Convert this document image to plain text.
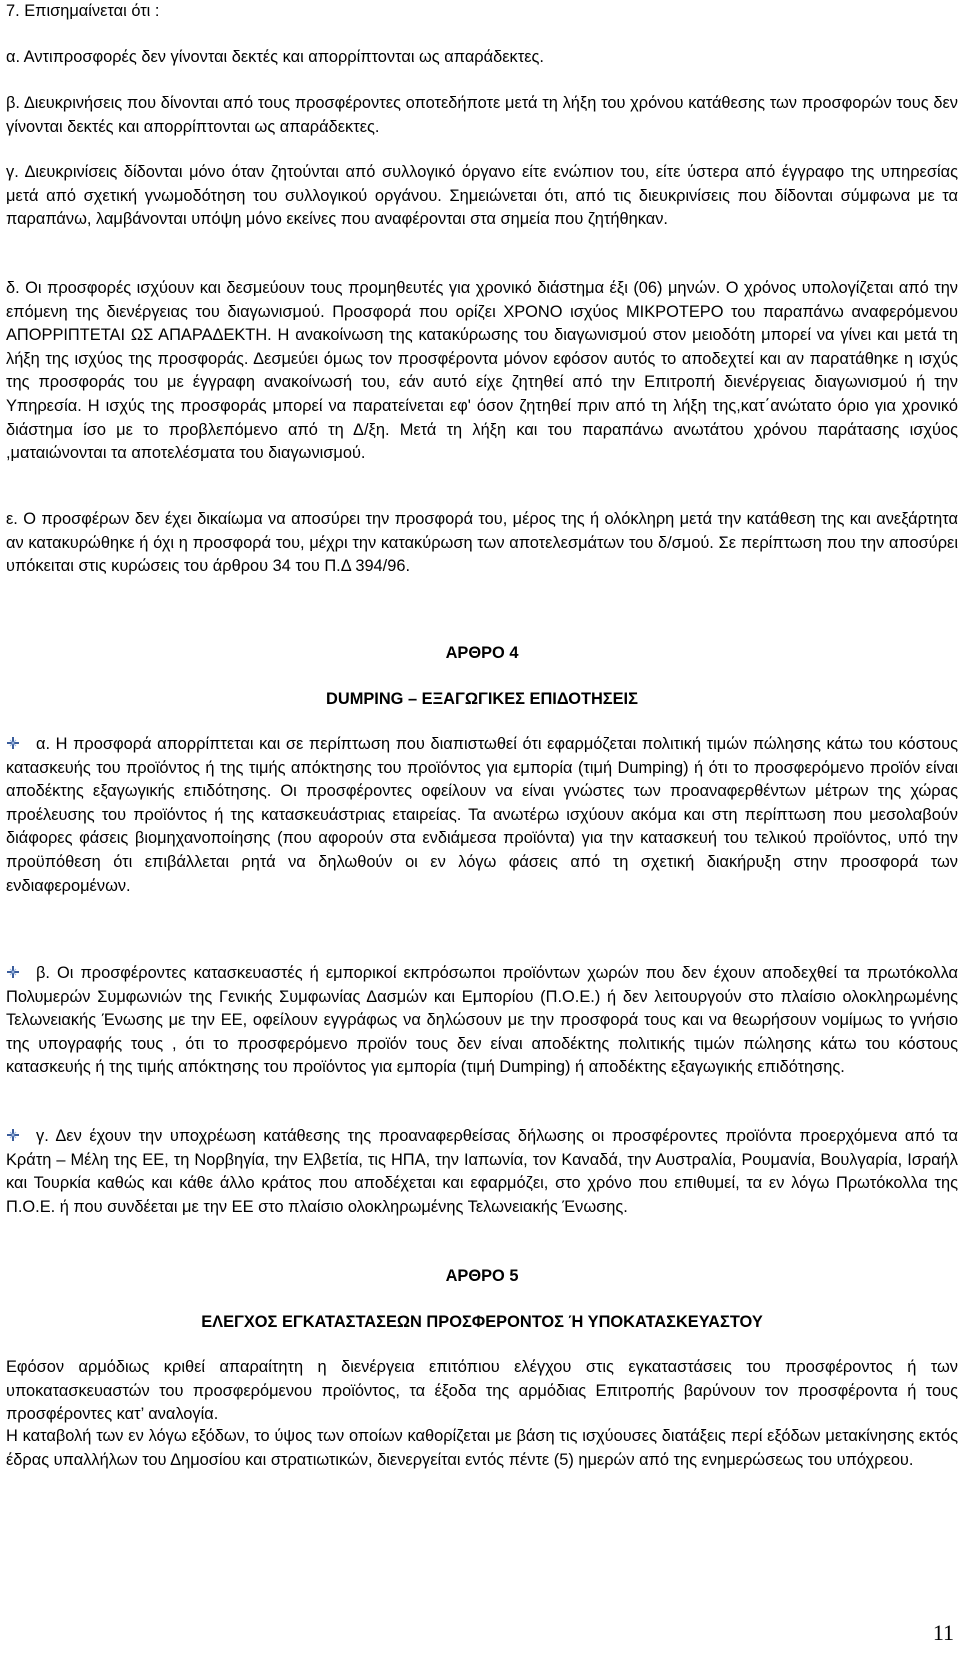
7. Επισημαίνεται ότι :

α. Αντιπροσφορές δεν γίνονται δεκτές και απορρίπτονται ως απαράδεκτες.

β. Διευκρινήσεις που δίνονται από τους προσφέροντες οποτεδήποτε μετά τη λήξη του χρόνου κατάθεσης των προσφορών τους δεν γίνονται δεκτές και απορρίπτονται ως απαράδεκτες.

γ. Διευκρινίσεις δίδονται μόνο όταν ζητούνται από συλλογικό όργανο είτε ενώπιον του, είτε ύστερα από έγγραφο της υπηρεσίας μετά από σχετική γνωμοδότηση του συλλογικού οργάνου. Σημειώνεται ότι, από τις διευκρινίσεις που δίδονται σύμφωνα με τα παραπάνω, λαμβάνονται υπόψη μόνο εκείνες που αναφέρονται στα σημεία που ζητήθηκαν.

δ. Οι προσφορές ισχύουν και δεσμεύουν τους προμηθευτές για χρονικό διάστημα έξι (06) μηνών. Ο χρόνος υπολογίζεται από την επόμενη της διενέργειας του διαγωνισμού. Προσφορά που ορίζει ΧΡΟΝΟ ισχύος ΜΙΚΡΟΤΕΡΟ του παραπάνω αναφερόμενου ΑΠΟΡΡΙΠΤΕΤΑΙ ΩΣ ΑΠΑΡΑΔΕΚΤΗ. Η ανακοίνωση της κατακύρωσης του διαγωνισμού στον μειοδότη μπορεί να γίνει και μετά τη λήξη της ισχύος της προσφοράς. Δεσμεύει όμως τον προσφέροντα μόνον εφόσον αυτός το αποδεχτεί και αν παρατάθηκε η ισχύς της προσφοράς του με έγγραφη ανακοίνωσή του, εάν αυτό είχε ζητηθεί από την Επιτροπή διενέργειας διαγωνισμού ή την Υπηρεσία. Η ισχύς της προσφοράς μπορεί να παρατείνεται εφ' όσον ζητηθεί πριν από τη λήξη της,κατ΄ανώτατο όριο για χρονικό διάστημα ίσο με το προβλεπόμενο από τη Δ/ξη. Μετά τη λήξη και του παραπάνω ανωτάτου χρόνου παράτασης ισχύος ,ματαιώνονται τα αποτελέσματα του διαγωνισμού.

ε. Ο προσφέρων δεν έχει δικαίωμα να αποσύρει την προσφορά του, μέρος της ή ολόκληρη μετά την κατάθεση της και ανεξάρτητα αν κατακυρώθηκε ή όχι η προσφορά του, μέχρι την κατακύρωση των αποτελεσμάτων του δ/σμού. Σε περίπτωση που την αποσύρει υπόκειται στις κυρώσεις του άρθρου 34 του Π.Δ 394/96.

ΑΡΘΡΟ 4

DUMPING – ΕΞΑΓΩΓΙΚΕΣ ΕΠΙΔΟΤΗΣΕΙΣ

α. Η προσφορά απορρίπτεται και σε περίπτωση που διαπιστωθεί ότι εφαρμόζεται πολιτική τιμών πώλησης κάτω του κόστους κατασκευής του προϊόντος ή της τιμής απόκτησης του προϊόντος για εμπορία (τιμή Dumping) ή ότι το προσφερόμενο προϊόν είναι αποδέκτης εξαγωγικής επιδότησης. Οι προσφέροντες οφείλουν να είναι γνώστες των προαναφερθέντων μέτρων της χώρας προέλευσης του προϊόντος ή της κατασκευάστριας εταιρείας. Τα ανωτέρω ισχύουν ακόμα και στη περίπτωση που μεσολαβούν διάφορες φάσεις βιομηχανοποίησης (που αφορούν στα ενδιάμεσα προϊόντα) για την κατασκευή του τελικού προϊόντος, υπό την προϋπόθεση ότι επιβάλλεται ρητά να δηλωθούν οι εν λόγω φάσεις από τη σχετική διακήρυξη στην προσφορά των ενδιαφερομένων.

β. Οι προσφέροντες κατασκευαστές ή εμπορικοί εκπρόσωποι προϊόντων χωρών που δεν έχουν αποδεχθεί τα πρωτόκολλα Πολυμερών Συμφωνιών της Γενικής Συμφωνίας Δασμών και Εμπορίου (Π.Ο.Ε.) ή δεν λειτουργούν στο πλαίσιο ολοκληρωμένης Τελωνειακής Ένωσης με την ΕΕ, οφείλουν εγγράφως να δηλώσουν με την προσφορά τους και να θεωρήσουν νομίμως το γνήσιο της υπογραφής τους , ότι το προσφερόμενο προϊόν τους δεν είναι αποδέκτης πολιτικής τιμών πώλησης κάτω του κόστους κατασκευής ή της τιμής απόκτησης του προϊόντος για εμπορία (τιμή Dumping) ή αποδέκτης εξαγωγικής επιδότησης.

γ. Δεν έχουν την υποχρέωση κατάθεσης της προαναφερθείσας δήλωσης οι προσφέροντες προϊόντα προερχόμενα από τα Κράτη – Μέλη της ΕΕ, τη Νορβηγία, την Ελβετία, τις ΗΠΑ, την Ιαπωνία, τον Καναδά, την Αυστραλία, Ρουμανία, Βουλγαρία, Ισραήλ και Τουρκία καθώς και κάθε άλλο κράτος που αποδέχεται και εφαρμόζει, στο χρόνο που επιθυμεί, τα εν λόγω Πρωτόκολλα της Π.Ο.Ε. ή που συνδέεται με την ΕΕ στο πλαίσιο ολοκληρωμένης Τελωνειακής Ένωσης.

ΑΡΘΡΟ 5

ΕΛΕΓΧΟΣ ΕΓΚΑΤΑΣΤΑΣΕΩΝ ΠΡΟΣΦΕΡΟΝΤΟΣ Ή ΥΠΟΚΑΤΑΣΚΕΥΑΣΤΟΥ

Εφόσον αρμόδιως κριθεί απαραίτητη η διενέργεια επιτόπιου ελέγχου στις εγκαταστάσεις του προσφέροντος ή των υποκατασκευαστών του προσφερόμενου προϊόντος, τα έξοδα της αρμόδιας Επιτροπής βαρύνουν τον προσφέροντα ή τους προσφέροντες κατ’ αναλογία.

Η καταβολή των εν λόγω εξόδων, το ύψος των οποίων καθορίζεται με βάση τις ισχύουσες διατάξεις περί εξόδων μετακίνησης εκτός έδρας υπαλλήλων του Δημοσίου και στρατιωτικών, διενεργείται εντός πέντε (5) ημερών από της ενημερώσεως του υπόχρεου.

11
